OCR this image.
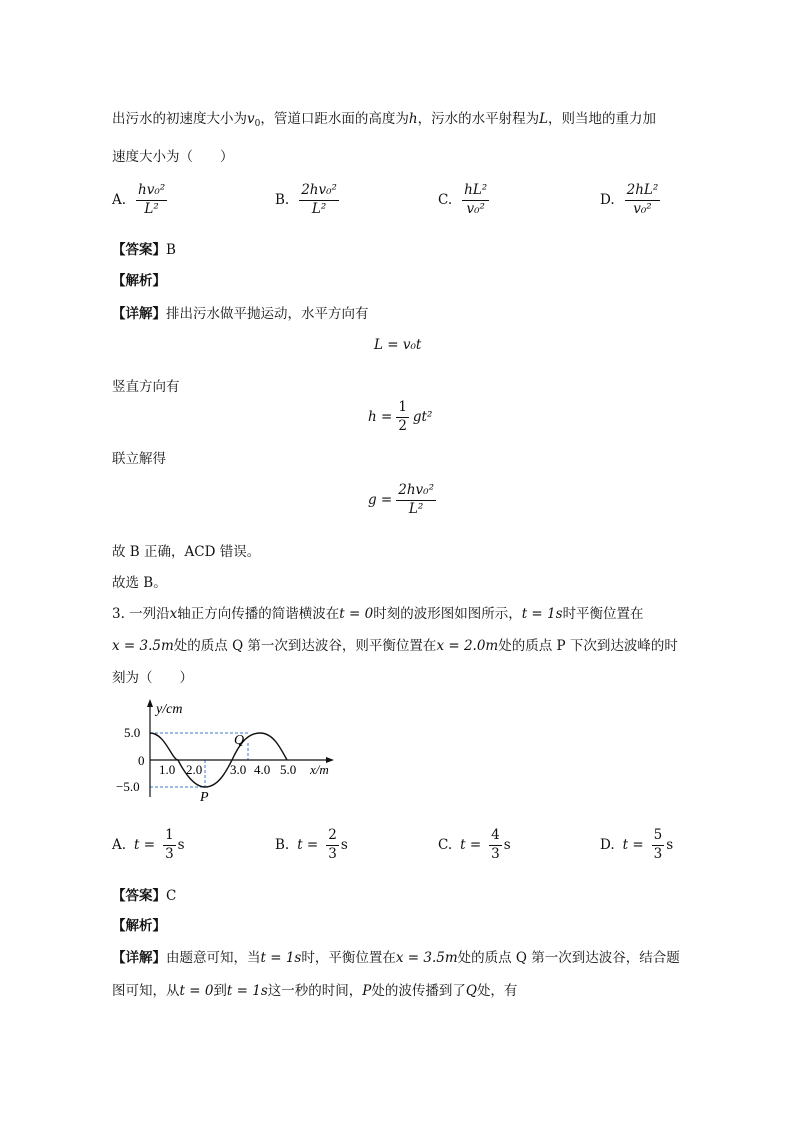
出污水的初速度大小为$v_0$，管道口距水面的高度为h，污水的水平射程为L，则当地的重力加
速度大小为（　　）
A. $\frac{\text{hv₀²}}{\text{L²}}$	B. $\frac{\text{2hv₀²}}{\text{L²}}$	C. $\frac{\text{hL²}}{\text{v₀²}}$	D. $\frac{\text{2hL²}}{\text{v₀²}}$
【答案】B
【解析】
【详解】排出污水做平抛运动，水平方向有
L = v₀t
竖直方向有
$h = \frac{1}{2} gt^2$
联立解得
$g = \frac{\text{2hv₀²}}{\text{L²}}$
故 B 正确，ACD 错误。
故选 B。
3. 一列沿x轴正方向传播的简谐横波在t = 0时刻的波形图如图所示，t = 1s时平衡位置在
x = 3.5m处的质点 Q 第一次到达波谷，则平衡位置在x = 2.0m处的质点 P 下次到达波峰的时
刻为（　　）
y/cm
x/m
5.0
0
−5.0
1.0 2.0 3.0 4.0 5.0
Q
P
A. $t = \frac{1}{3}$ s	B. $t = \frac{2}{3}$ s	C. $t = \frac{4}{3}$ s	D. $t = \frac{5}{3}$ s
【答案】C
【解析】
【详解】由题意可知，当t = 1s时，平衡位置在x = 3.5m处的质点 Q 第一次到达波谷，结合题
图可知，从t = 0到t = 1s这一秒的时间，P处的波传播到了Q处，有
